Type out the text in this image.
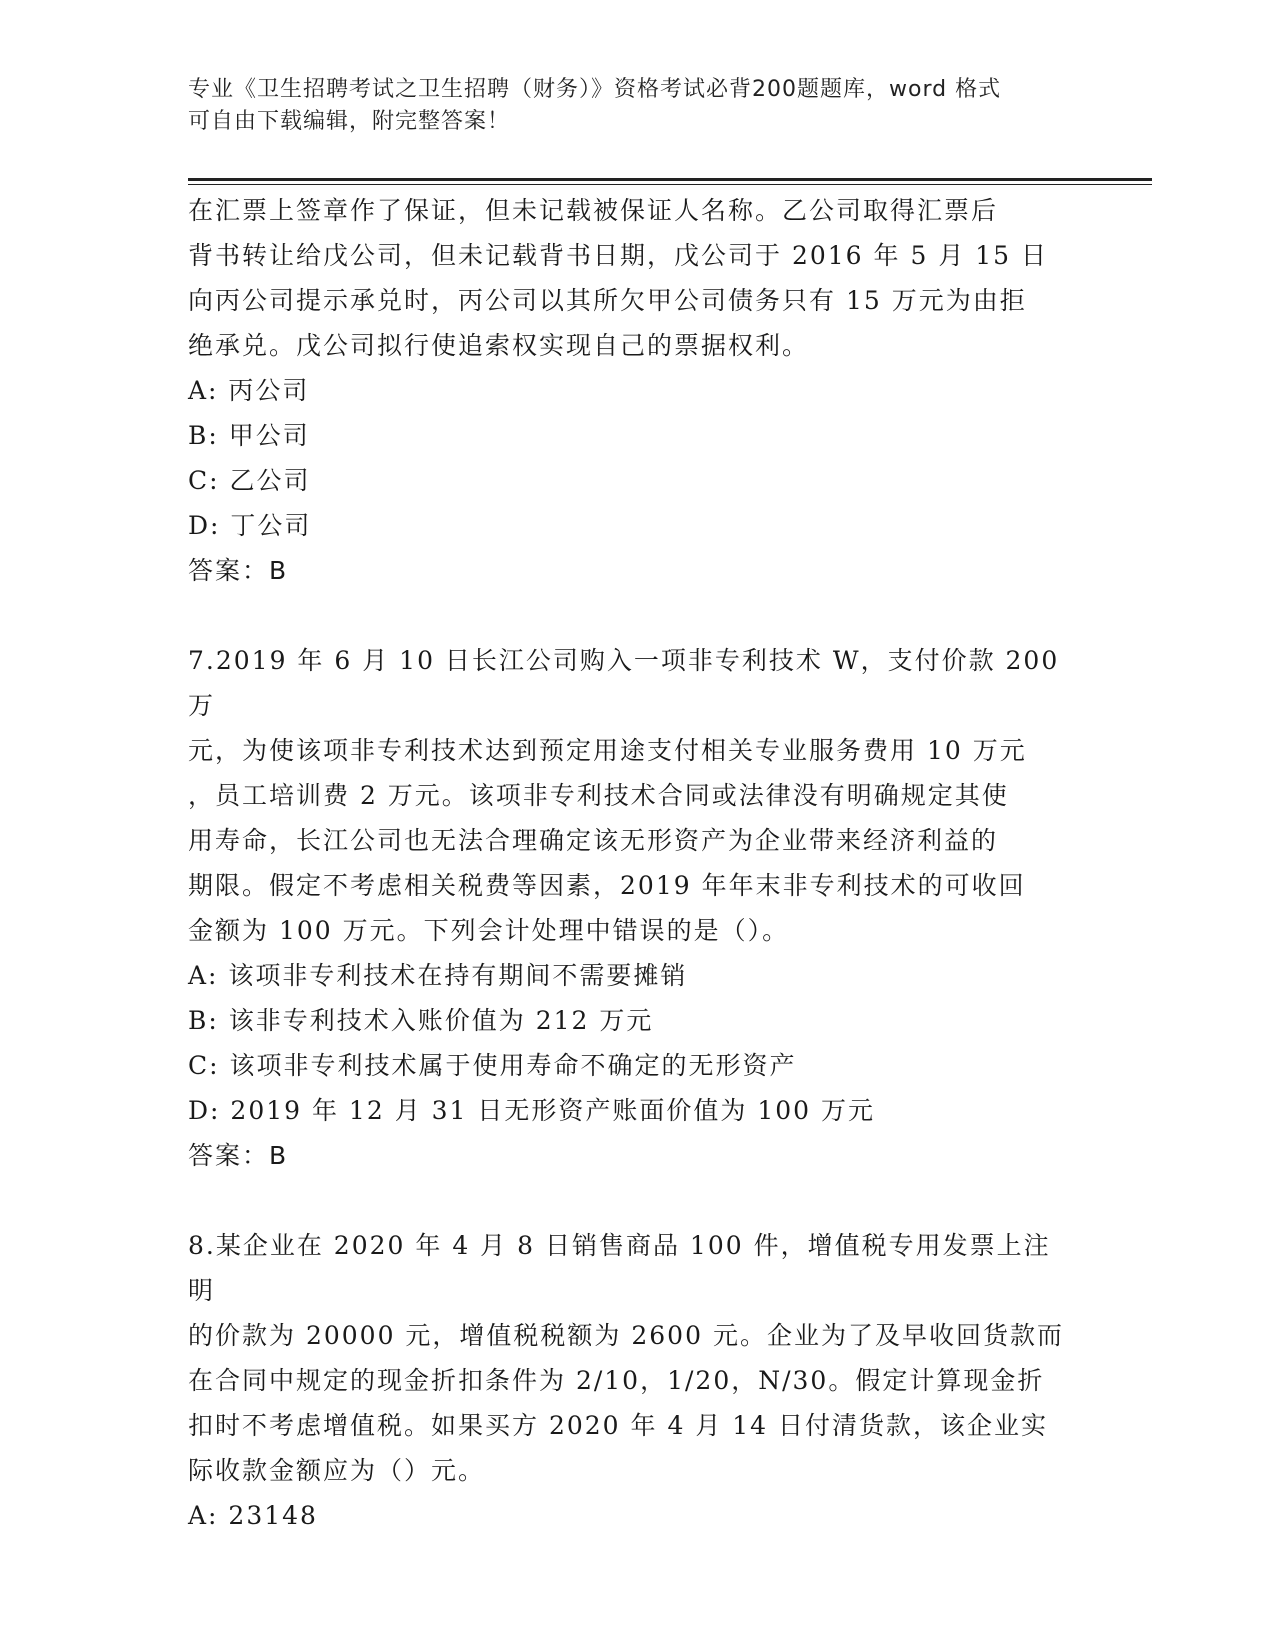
专业《卫生招聘考试之卫生招聘（财务）》资格考试必背200题题库，word 格式
可自由下载编辑，附完整答案！

在汇票上签章作了保证，但未记载被保证人名称。乙公司取得汇票后

背书转让给戊公司，但未记载背书日期，戊公司于 2016 年 5 月 15 日

向丙公司提示承兑时，丙公司以其所欠甲公司债务只有 15 万元为由拒

绝承兑。戊公司拟行使追索权实现自己的票据权利。

A: 丙公司

B: 甲公司

C: 乙公司

D: 丁公司

答案：B

7.2019 年 6 月 10 日长江公司购入一项非专利技术 W，支付价款 200 万

元，为使该项非专利技术达到预定用途支付相关专业服务费用 10 万元

，员工培训费 2 万元。该项非专利技术合同或法律没有明确规定其使

用寿命，长江公司也无法合理确定该无形资产为企业带来经济利益的

期限。假定不考虑相关税费等因素，2019 年年末非专利技术的可收回

金额为 100 万元。下列会计处理中错误的是（）。

A: 该项非专利技术在持有期间不需要摊销

B: 该非专利技术入账价值为 212 万元

C: 该项非专利技术属于使用寿命不确定的无形资产

D: 2019 年 12 月 31 日无形资产账面价值为 100 万元

答案：B

8.某企业在 2020 年 4 月 8 日销售商品 100 件，增值税专用发票上注明

的价款为 20000 元，增值税税额为 2600 元。企业为了及早收回货款而

在合同中规定的现金折扣条件为 2/10，1/20，N/30。假定计算现金折

扣时不考虑增值税。如果买方 2020 年 4 月 14 日付清货款，该企业实

际收款金额应为（）元。

A: 23148
